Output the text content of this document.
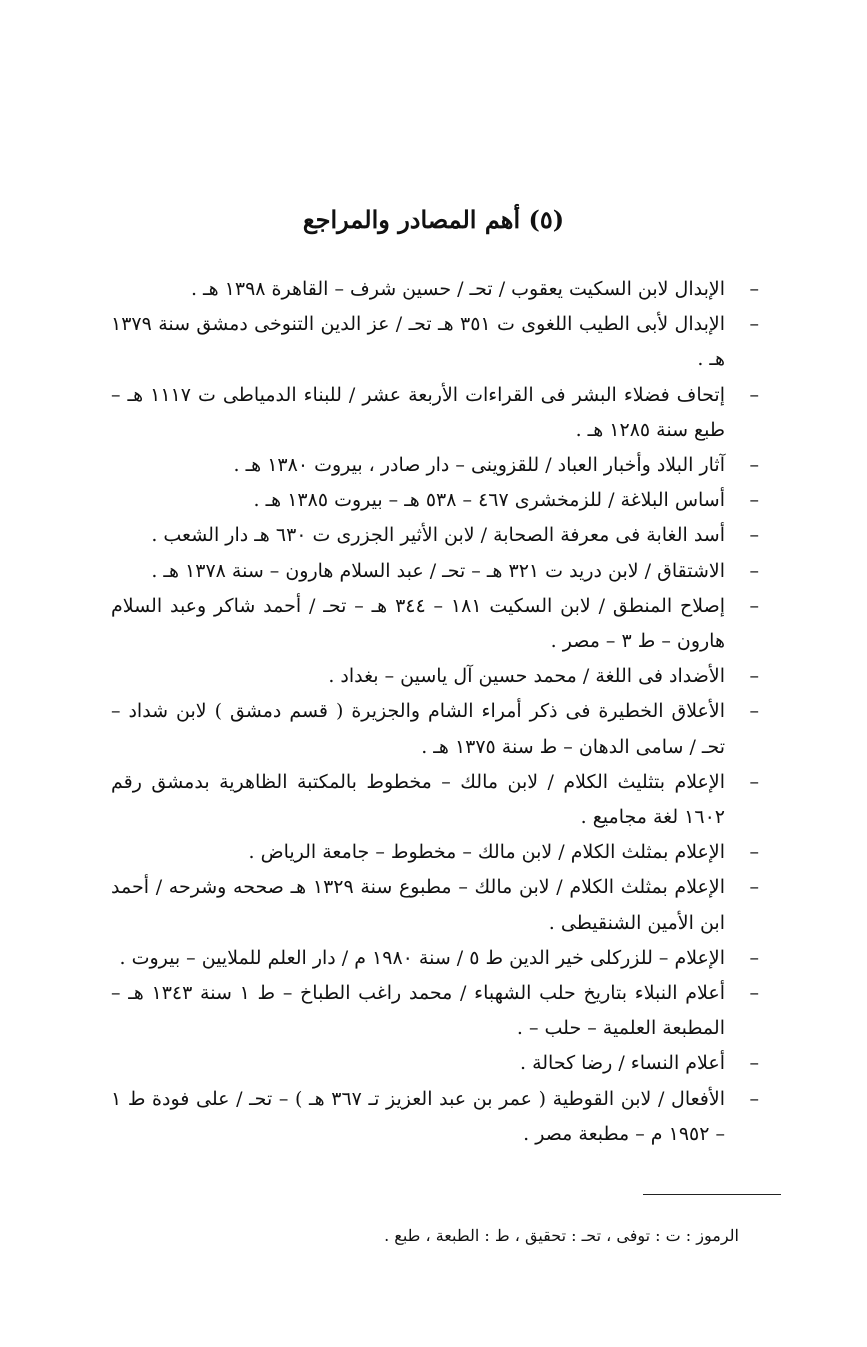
(٥) أهم المصادر والمراجع
–
الإبدال لابن السكيت يعقوب / تحـ / حسين شرف – القاهرة ١٣٩٨ هـ .
–
الإبدال لأبى الطيب اللغوى ت ٣٥١ هـ تحـ / عز الدين التنوخى دمشق سنة ١٣٧٩ هـ .
–
إتحاف فضلاء البشر فى القراءات الأربعة عشر / للبناء الدمياطى ت ١١١٧ هـ – طبع سنة ١٢٨٥ هـ .
–
آثار البلاد وأخبار العباد / للقزوينى – دار صادر ، بيروت ١٣٨٠ هـ .
–
أساس البلاغة / للزمخشرى ٤٦٧ – ٥٣٨ هـ – بيروت ١٣٨٥ هـ .
–
أسد الغابة فى معرفة الصحابة / لابن الأثير الجزرى ت ٦٣٠ هـ دار الشعب .
–
الاشتقاق / لابن دريد ت ٣٢١ هـ – تحـ / عبد السلام هارون – سنة ١٣٧٨ هـ .
–
إصلاح المنطق / لابن السكيت ١٨١ – ٣٤٤ هـ – تحـ / أحمد شاكر وعبد السلام هارون – ط ٣ – مصر .
–
الأضداد فى اللغة / محمد حسين آل ياسين – بغداد .
–
الأعلاق الخطيرة فى ذكر أمراء الشام والجزيرة ( قسم دمشق ) لابن شداد – تحـ / سامى الدهان – ط سنة ١٣٧٥ هـ .
–
الإعلام بتثليث الكلام / لابن مالك – مخطوط بالمكتبة الظاهرية بدمشق رقم ١٦٠٢ لغة مجاميع .
–
الإعلام بمثلث الكلام / لابن مالك – مخطوط – جامعة الرياض .
–
الإعلام بمثلث الكلام / لابن مالك – مطبوع سنة ١٣٢٩ هـ صححه وشرحه / أحمد ابن الأمين الشنقيطى .
–
الإعلام – للزركلى خير الدين ط ٥ / سنة ١٩٨٠ م / دار العلم للملايين – بيروت .
–
أعلام النبلاء بتاريخ حلب الشهباء / محمد راغب الطباخ – ط ١ سنة ١٣٤٣ هـ – المطبعة العلمية – حلب – .
–
أعلام النساء / رضا كحالة .
–
الأفعال / لابن القوطية ( عمر بن عبد العزيز تـ ٣٦٧ هـ ) – تحـ / على فودة ط ١ – ١٩٥٢ م – مطبعة مصر .
الرموز : ت : توفى ، تحـ : تحقيق ، ط : الطبعة ، طبع .
